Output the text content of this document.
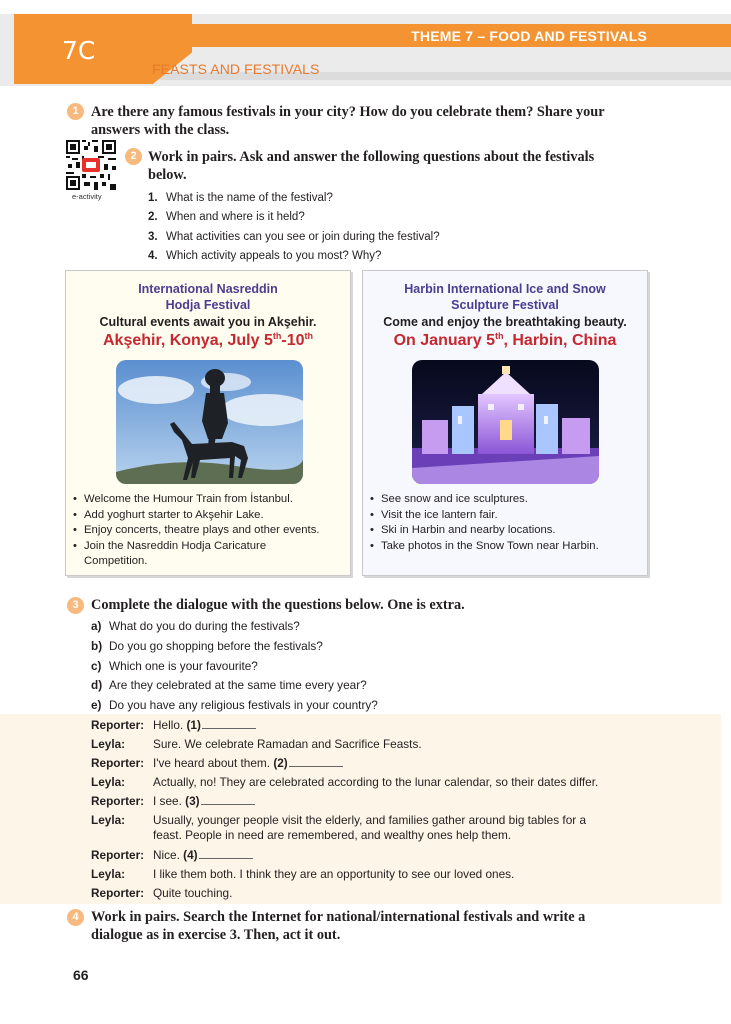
7C	THEME 7 – FOOD AND FESTIVALS
FEASTS AND FESTIVALS
1 Are there any famous festivals in your city? How do you celebrate them? Share your
answers with the class.
e-activity
2 Work in pairs. Ask and answer the following questions about the festivals
below.
1. What is the name of the festival?
2. When and where is it held?
3. What activities can you see or join during the festival?
4. Which activity appeals to you most? Why?
International Nasreddin
Hodja Festival
Cultural events await you in Akşehir.
Akşehir, Konya, July 5th-10th
• Welcome the Humour Train from İstanbul.
• Add yoghurt starter to Akşehir Lake.
• Enjoy concerts, theatre plays and other events.
• Join the Nasreddin Hodja Caricature
Competition.
Harbin International Ice and Snow
Sculpture Festival
Come and enjoy the breathtaking beauty.
On January 5th, Harbin, China
• See snow and ice sculptures.
• Visit the ice lantern fair.
• Ski in Harbin and nearby locations.
• Take photos in the Snow Town near Harbin.
3 Complete the dialogue with the questions below. One is extra.
a) What do you do during the festivals?
b) Do you go shopping before the festivals?
c) Which one is your favourite?
d) Are they celebrated at the same time every year?
e) Do you have any religious festivals in your country?
Reporter: Hello. (1)
Leyla: Sure. We celebrate Ramadan and Sacrifice Feasts.
Reporter: I've heard about them. (2)
Leyla: Actually, no! They are celebrated according to the lunar calendar, so their dates differ.
Reporter: I see. (3)
Leyla: Usually, younger people visit the elderly, and families gather around big tables for a
feast. People in need are remembered, and wealthy ones help them.
Reporter: Nice. (4)
Leyla: I like them both. I think they are an opportunity to see our loved ones.
Reporter: Quite touching.
4 Work in pairs. Search the Internet for national/international festivals and write a
dialogue as in exercise 3. Then, act it out.
66
